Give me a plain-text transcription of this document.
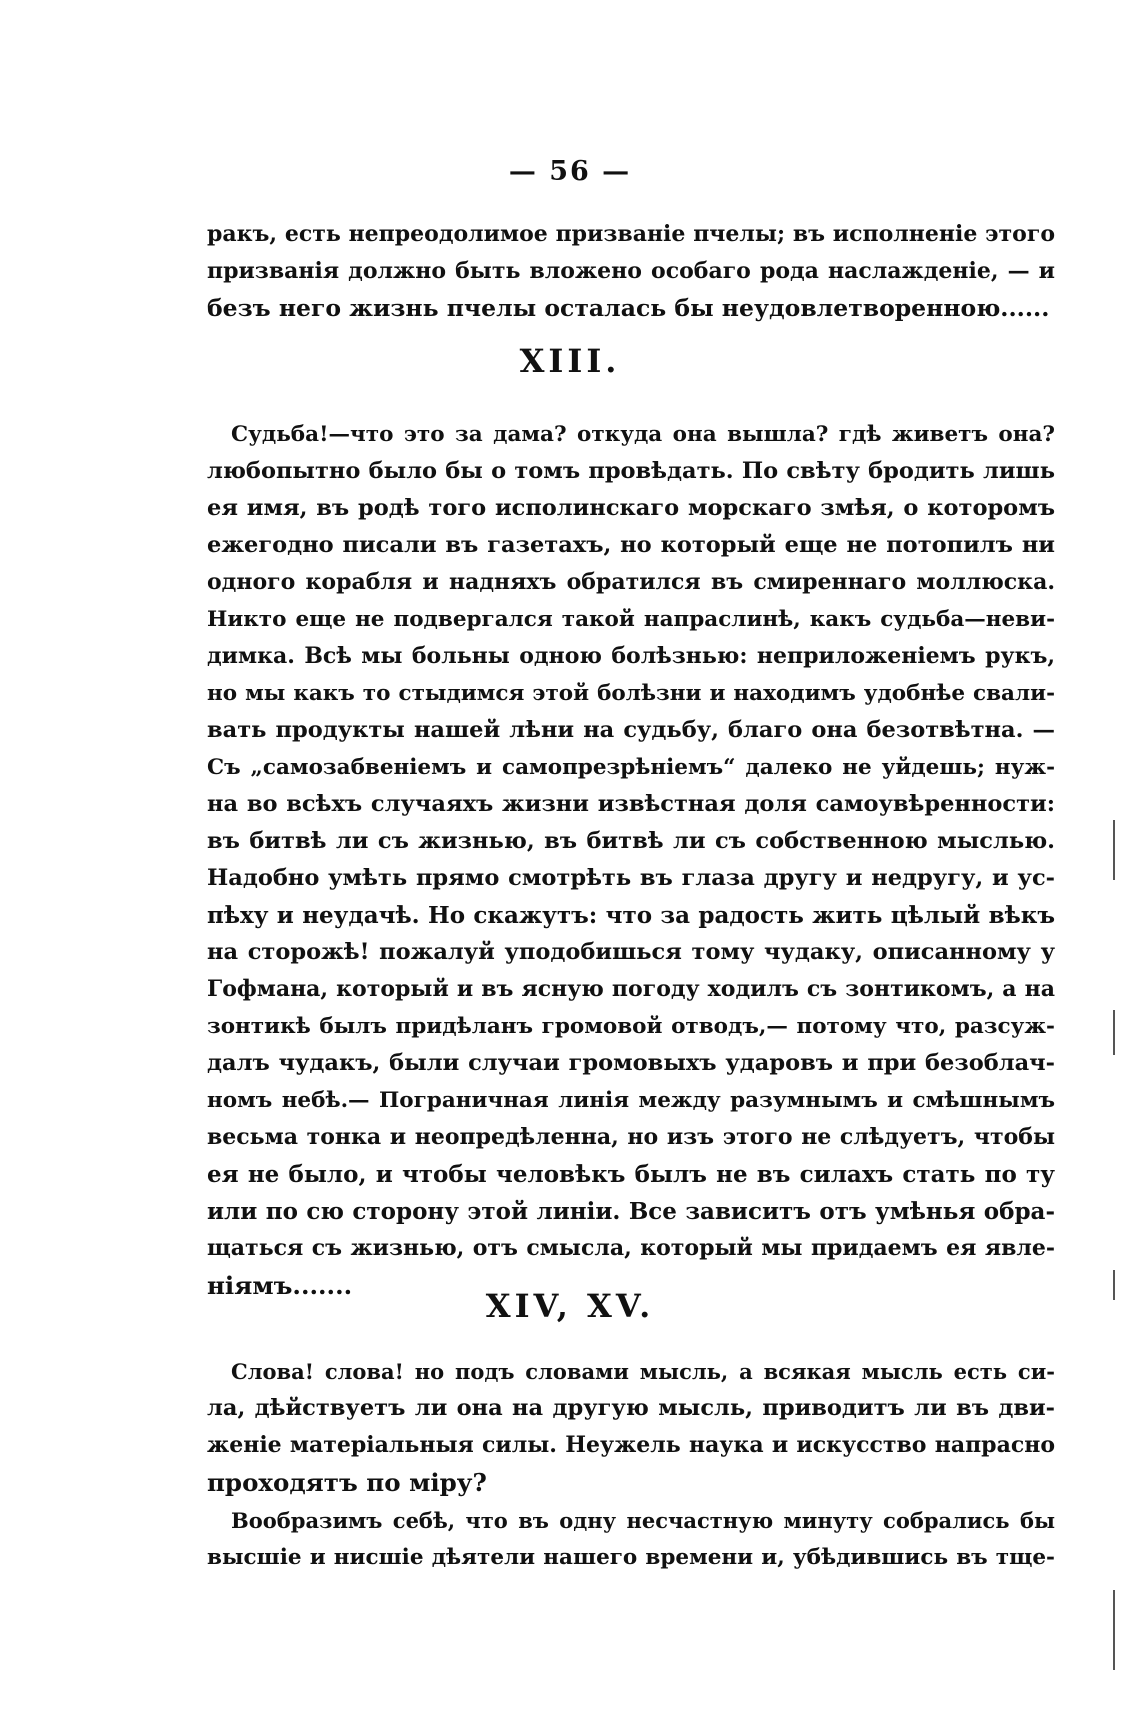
— 56 —
ракъ, есть непреодолимое призваніе пчелы; въ исполненіе этого
призванія должно быть вложено особаго рода наслажденіе, — и
безъ него жизнь пчелы осталась бы неудовлетворенною......
XIII.
Судьба!—что это за дама? откуда она вышла? гдѣ живетъ она?
любопытно было бы о томъ провѣдать. По свѣту бродить лишь
ея имя, въ родѣ того исполинскаго морскаго змѣя, о которомъ
ежегодно писали въ газетахъ, но который еще не потопилъ ни
одного корабля и надняхъ обратился въ смиреннаго моллюска.
Никто еще не подвергался такой напраслинѣ, какъ судьба—неви-
димка. Всѣ мы больны одною болѣзнью: неприложеніемъ рукъ,
но мы какъ то стыдимся этой болѣзни и находимъ удобнѣе свали-
вать продукты нашей лѣни на судьбу, благо она безотвѣтна. —
Съ „самозабвеніемъ и самопрезрѣніемъ“ далеко не уйдешь; нуж-
на во всѣхъ случаяхъ жизни извѣстная доля самоувѣренности:
въ битвѣ ли съ жизнью, въ битвѣ ли съ собственною мыслью.
Надобно умѣть прямо смотрѣть въ глаза другу и недругу, и ус-
пѣху и неудачѣ. Но скажутъ: что за радость жить цѣлый вѣкъ
на сторожѣ! пожалуй уподобишься тому чудаку, описанному у
Гофмана, который и въ ясную погоду ходилъ съ зонтикомъ, а на
зонтикѣ былъ придѣланъ громовой отводъ,— потому что, разсуж-
далъ чудакъ, были случаи громовыхъ ударовъ и при безоблач-
номъ небѣ.— Пограничная линія между разумнымъ и смѣшнымъ
весьма тонка и неопредѣленна, но изъ этого не слѣдуетъ, чтобы
ея не было, и чтобы человѣкъ былъ не въ силахъ стать по ту
или по сю сторону этой линіи. Все зависитъ отъ умѣнья обра-
щаться съ жизнью, отъ смысла, который мы придаемъ ея явле-
ніямъ.......
XIV, XV.
Слова! слова! но подъ словами мысль, а всякая мысль есть си-
ла, дѣйствуетъ ли она на другую мысль, приводитъ ли въ дви-
женіе матеріальныя силы. Неужель наука и искусство напрасно
проходятъ по міру?
Вообразимъ себѣ, что въ одну несчастную минуту собрались бы
высшіе и нисшіе дѣятели нашего времени и, убѣдившись въ тще-
